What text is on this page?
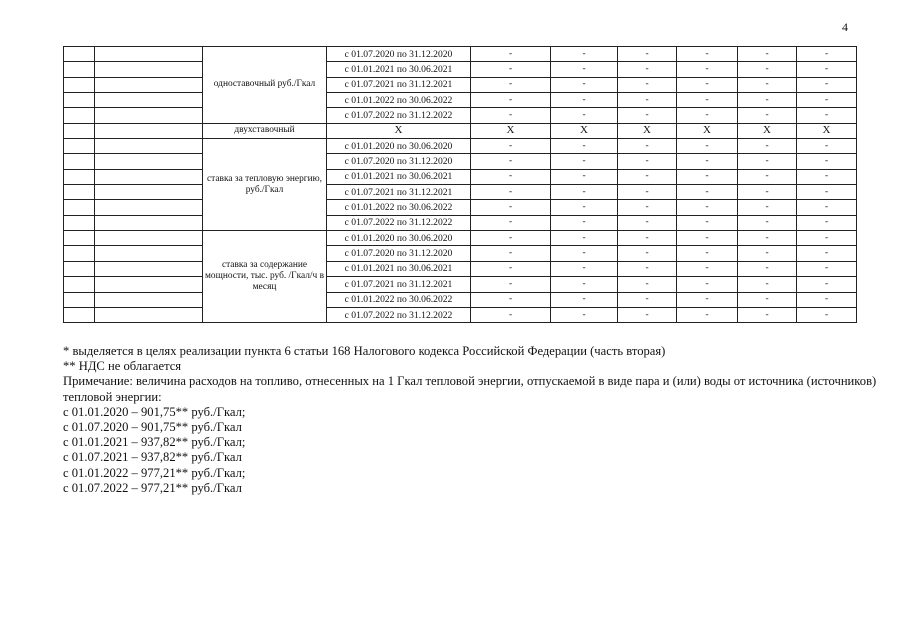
4
		одноставочный руб./Гкал	с 01.07.2020 по 31.12.2020	-	-	-	-	-	-
			с 01.01.2021 по 30.06.2021	-	-	-	-	-	-
			с 01.07.2021 по 31.12.2021	-	-	-	-	-	-
			с 01.01.2022 по 30.06.2022	-	-	-	-	-	-
			с 01.07.2022 по 31.12.2022	-	-	-	-	-	-
		двухставочный	X	X	X	X	X	X	X
		ставка за тепловую энергию, руб./Гкал	с 01.01.2020 по 30.06.2020	-	-	-	-	-	-
			с 01.07.2020 по 31.12.2020	-	-	-	-	-	-
			с 01.01.2021 по 30.06.2021	-	-	-	-	-	-
			с 01.07.2021 по 31.12.2021	-	-	-	-	-	-
			с 01.01.2022 по 30.06.2022	-	-	-	-	-	-
			с 01.07.2022 по 31.12.2022	-	-	-	-	-	-
		ставка за содержание мощности, тыс. руб. /Гкал/ч в месяц	с 01.01.2020 по 30.06.2020	-	-	-	-	-	-
			с 01.07.2020 по 31.12.2020	-	-	-	-	-	-
			с 01.01.2021 по 30.06.2021	-	-	-	-	-	-
			с 01.07.2021 по 31.12.2021	-	-	-	-	-	-
			с 01.01.2022 по 30.06.2022	-	-	-	-	-	-
			с 01.07.2022 по 31.12.2022	-	-	-	-	-	-

* выделяется в целях реализации пункта 6 статьи 168 Налогового кодекса Российской Федерации (часть вторая)

** НДС не облагается

Примечание: величина расходов на топливо, отнесенных на 1 Гкал тепловой энергии, отпускаемой в виде пара и (или) воды от источника (источников) тепловой энергии:

с 01.01.2020 – 901,75** руб./Гкал;

с 01.07.2020 – 901,75** руб./Гкал

с 01.01.2021 – 937,82** руб./Гкал;

с 01.07.2021 – 937,82** руб./Гкал

с 01.01.2022 – 977,21** руб./Гкал;

с 01.07.2022 – 977,21** руб./Гкал
